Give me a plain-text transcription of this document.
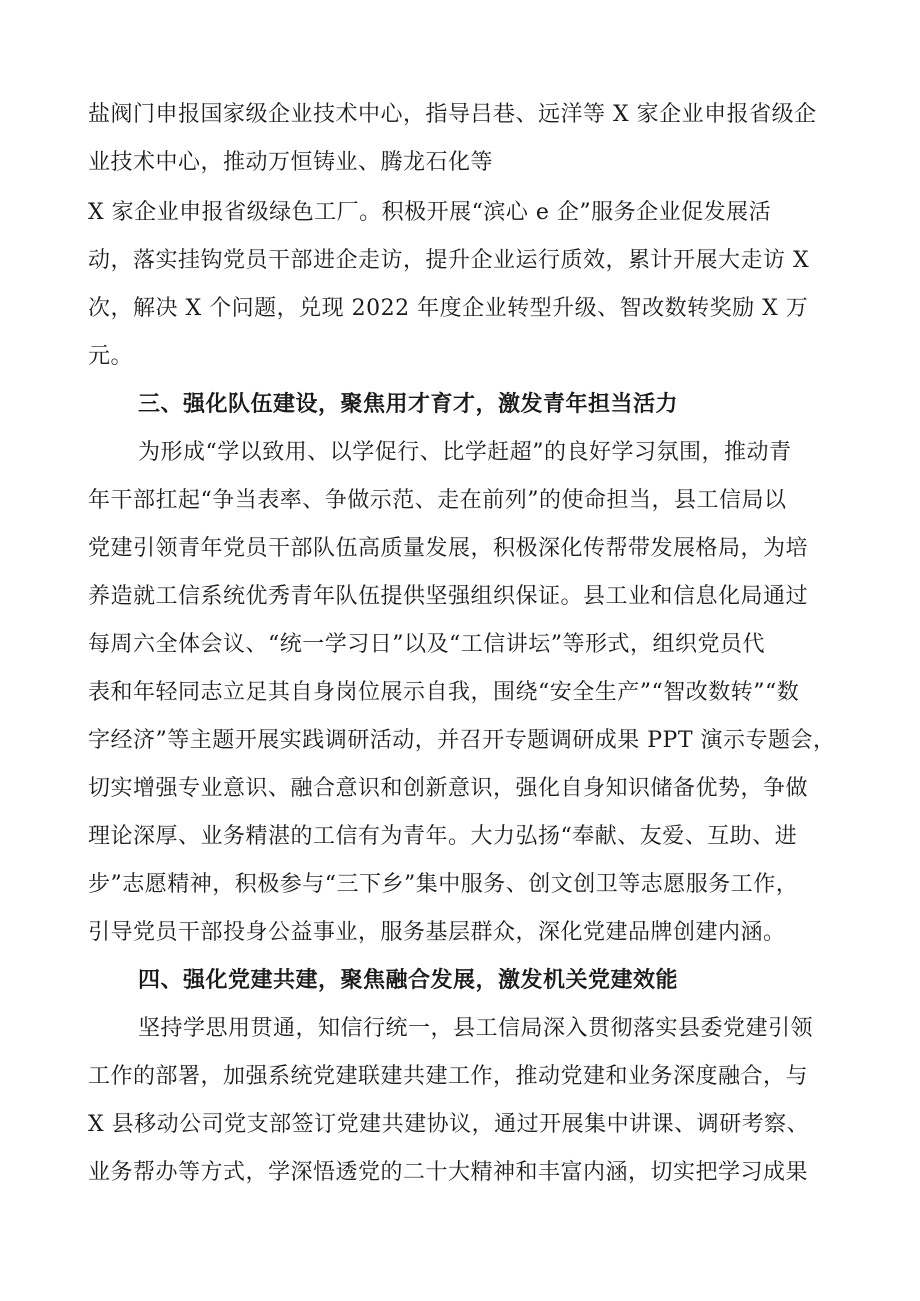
盐阀门申报国家级企业技术中心，指导吕巷、远洋等 X 家企业申报省级企
业技术中心，推动万恒铸业、腾龙石化等
X 家企业申报省级绿色工厂。积极开展“滨心 e 企”服务企业促发展活
动，落实挂钩党员干部进企走访，提升企业运行质效，累计开展大走访 X
次，解决 X 个问题，兑现 2022 年度企业转型升级、智改数转奖励 X 万
元。
三、强化队伍建设，聚焦用才育才，激发青年担当活力
为形成“学以致用、以学促行、比学赶超”的良好学习氛围，推动青
年干部扛起“争当表率、争做示范、走在前列”的使命担当，县工信局以
党建引领青年党员干部队伍高质量发展，积极深化传帮带发展格局，为培
养造就工信系统优秀青年队伍提供坚强组织保证。县工业和信息化局通过
每周六全体会议、“统一学习日”以及“工信讲坛”等形式，组织党员代
表和年轻同志立足其自身岗位展示自我，围绕“安全生产”“智改数转”“数
字经济”等主题开展实践调研活动，并召开专题调研成果 PPT 演示专题会，
切实增强专业意识、融合意识和创新意识，强化自身知识储备优势，争做
理论深厚、业务精湛的工信有为青年。大力弘扬“奉献、友爱、互助、进
步”志愿精神，积极参与“三下乡”集中服务、创文创卫等志愿服务工作，
引导党员干部投身公益事业，服务基层群众，深化党建品牌创建内涵。
四、强化党建共建，聚焦融合发展，激发机关党建效能
坚持学思用贯通，知信行统一，县工信局深入贯彻落实县委党建引领
工作的部署，加强系统党建联建共建工作，推动党建和业务深度融合，与
X 县移动公司党支部签订党建共建协议，通过开展集中讲课、调研考察、
业务帮办等方式，学深悟透党的二十大精神和丰富内涵，切实把学习成果
